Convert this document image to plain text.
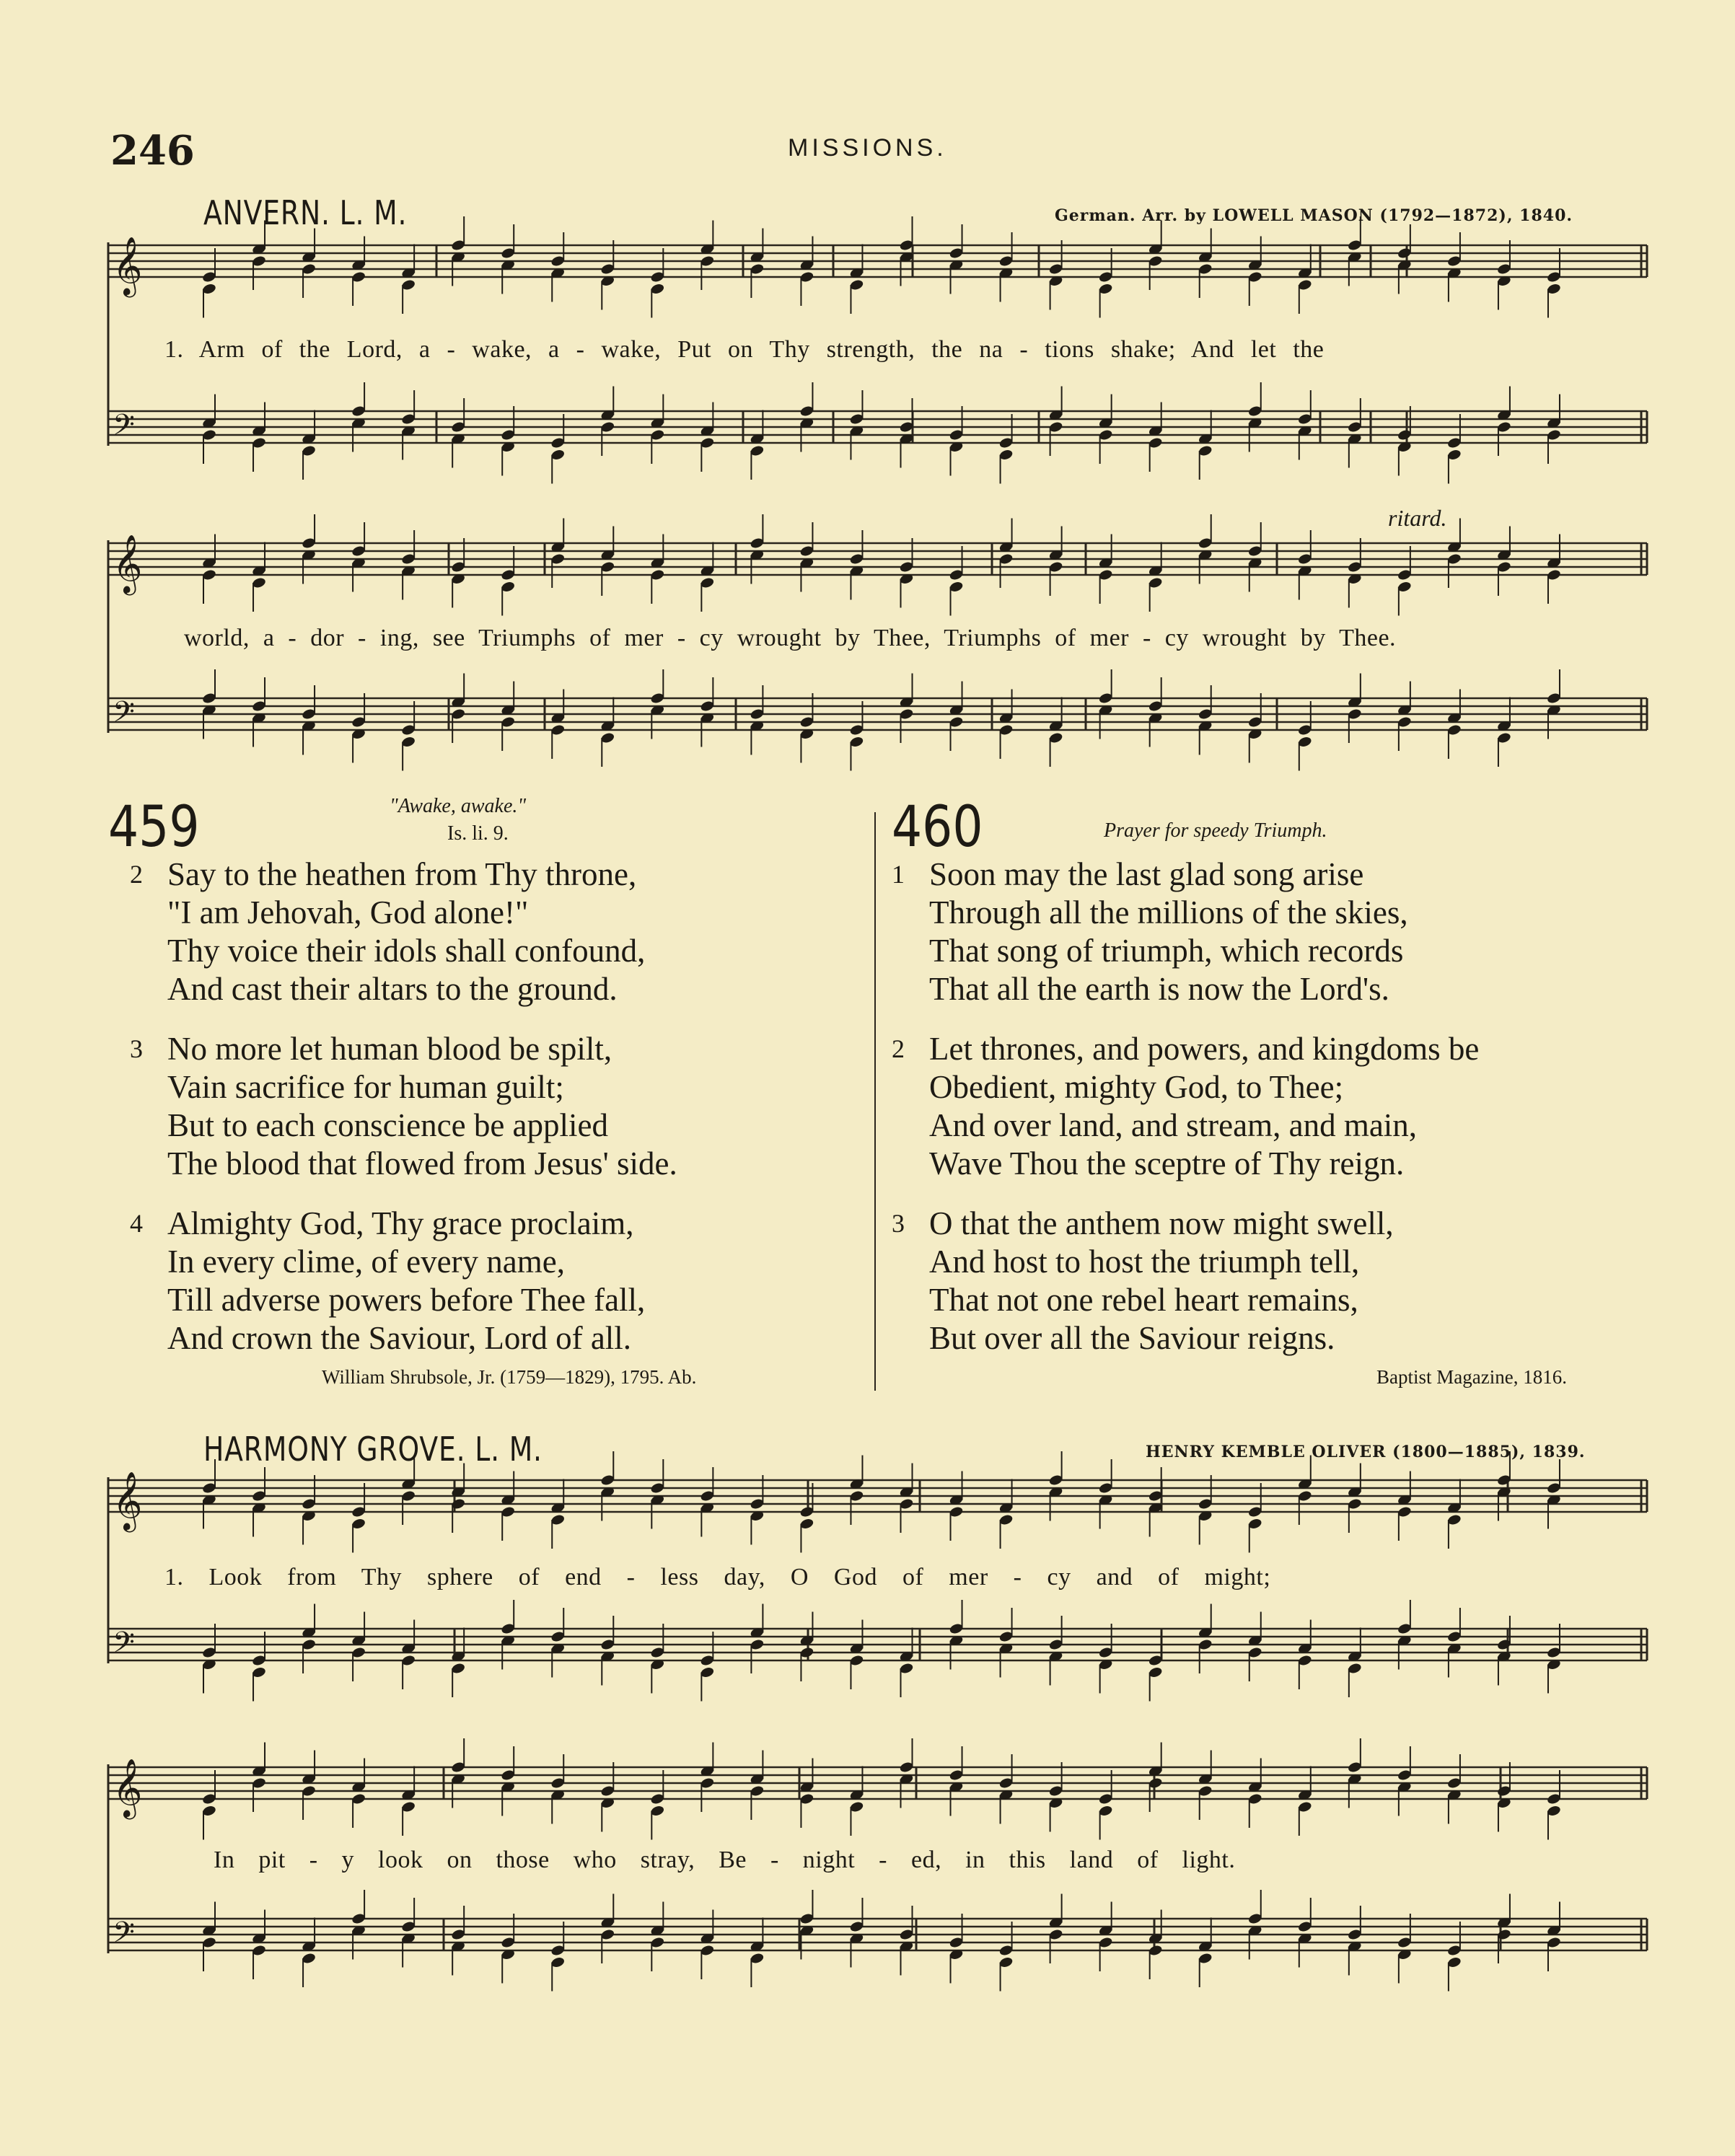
246	MISSIONS.
ANVERN. L. M.	German. Arr. by LOWELL MASON (1792—1872), 1840.
𝄞
𝄢
𝄞
𝄢
𝄞
𝄢
𝄞
𝄢
1. Arm of the Lord, a - wake, a - wake, Put on Thy strength, the na - tions shake; And let the
world, a - dor - ing, see Triumphs of mer - cy wrought by Thee, Triumphs of mer - cy wrought by Thee.
ritard.
459	"Awake, awake."
Is. li. 9.
2 Say to the heathen from Thy throne,
"I am Jehovah, God alone!"
Thy voice their idols shall confound,
And cast their altars to the ground.
3 No more let human blood be spilt,
Vain sacrifice for human guilt;
But to each conscience be applied
The blood that flowed from Jesus' side.
4 Almighty God, Thy grace proclaim,
In every clime, of every name,
Till adverse powers before Thee fall,
And crown the Saviour, Lord of all.
William Shrubsole, Jr. (1759—1829), 1795. Ab.
460	Prayer for speedy Triumph.
1 Soon may the last glad song arise
Through all the millions of the skies,
That song of triumph, which records
That all the earth is now the Lord's.
2 Let thrones, and powers, and kingdoms be
Obedient, mighty God, to Thee;
And over land, and stream, and main,
Wave Thou the sceptre of Thy reign.
3 O that the anthem now might swell,
And host to host the triumph tell,
That not one rebel heart remains,
But over all the Saviour reigns.
Baptist Magazine, 1816.
HARMONY GROVE. L. M.	HENRY KEMBLE OLIVER (1800—1885), 1839.
1. Look from Thy sphere of end - less day, O God of mer - cy and of might;
In pit - y look on those who stray, Be - night - ed, in this land of light.
